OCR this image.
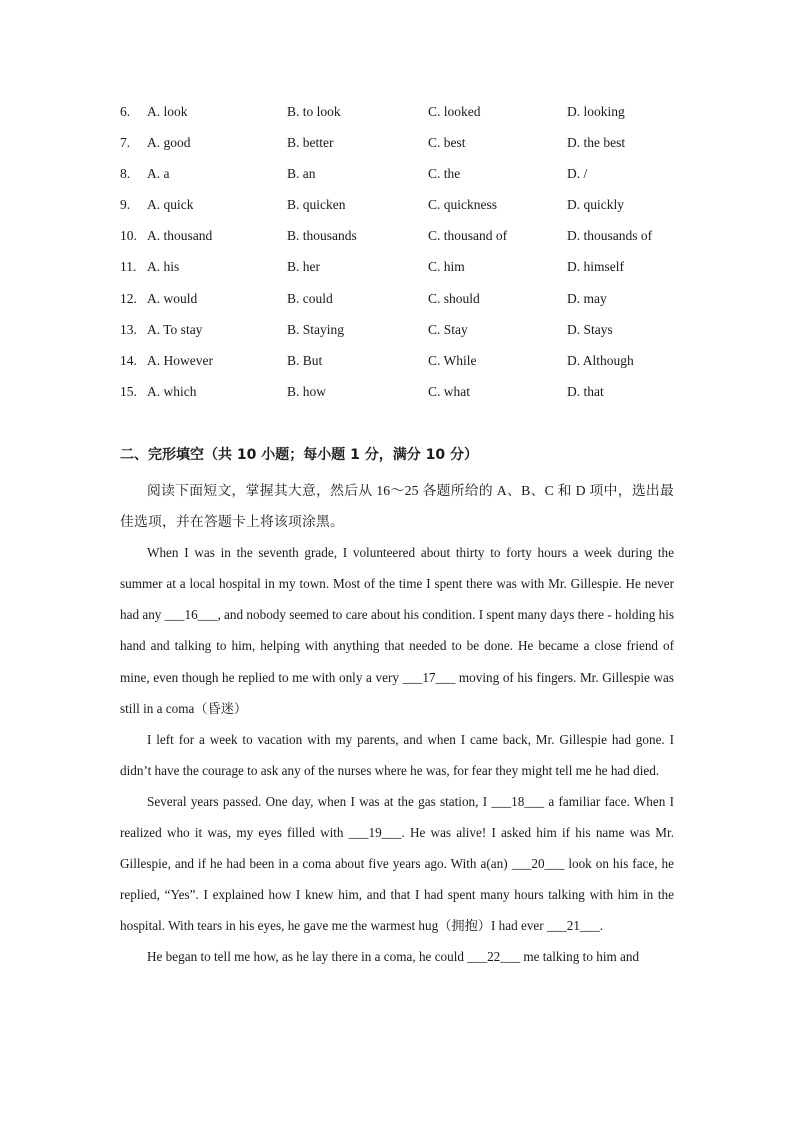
6. A. look	B. to look	C. looked	D. looking
7. A. good	B. better	C. best	D. the best
8. A. a	B. an	C. the	D. /
9. A. quick	B. quicken	C. quickness	D. quickly
10. A. thousand	B. thousands	C. thousand of	D. thousands of
11. A. his	B. her	C. him	D. himself
12. A. would	B. could	C. should	D. may
13. A. To stay	B. Staying	C. Stay	D. Stays
14. A. However	B. But	C. While	D. Although
15. A. which	B. how	C. what	D. that
二、完形填空（共 10 小题；每小题 1 分，满分 10 分）

阅读下面短文，掌握其大意，然后从 16～25 各题所给的 A、B、C 和 D 项中，选出最佳选项，并在答题卡上将该项涂黑。

When I was in the seventh grade, I volunteered about thirty to forty hours a week during the summer at a local hospital in my town. Most of the time I spent there was with Mr. Gillespie. He never had any ___16___, and nobody seemed to care about his condition. I spent many days there - holding his hand and talking to him, helping with anything that needed to be done. He became a close friend of mine, even though he replied to me with only a very ___17___ moving of his fingers. Mr. Gillespie was still in a coma（昏迷）

I left for a week to vacation with my parents, and when I came back, Mr. Gillespie had gone. I didn’t have the courage to ask any of the nurses where he was, for fear they might tell me he had died.

Several years passed. One day, when I was at the gas station, I ___18___ a familiar face. When I realized who it was, my eyes filled with ___19___. He was alive! I asked him if his name was Mr. Gillespie, and if he had been in a coma about five years ago. With a(an) ___20___ look on his face, he replied, “Yes”. I explained how I knew him, and that I had spent many hours talking with him in the hospital. With tears in his eyes, he gave me the warmest hug（拥抱）I had ever ___21___.

He began to tell me how, as he lay there in a coma, he could ___22___ me talking to him and
